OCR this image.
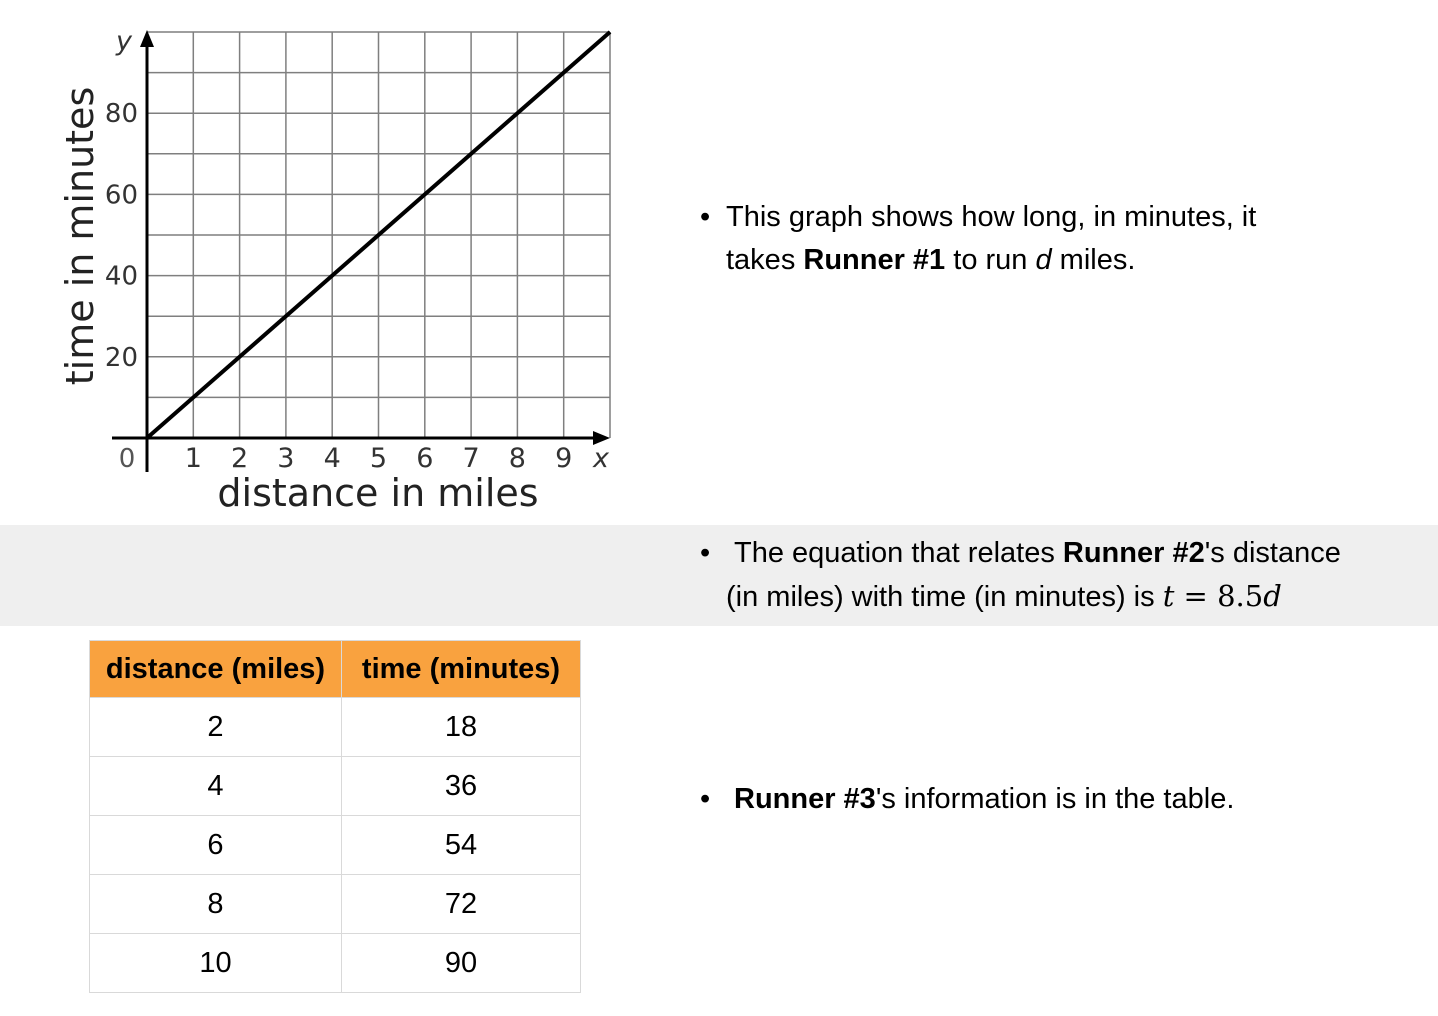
1 2 3 4 5 6 7 8 9
20
40
60
80
0	x
y
distance in miles
time in minutes	• This graph shows how long, in minutes, it
takes Runner #1 to run d miles.
• The equation that relates Runner #2's distance
(in miles) with time (in minutes) is t = 8.5d
• Runner #3's information is in the table.
distance (miles)	time (minutes)
2	18
4	36
6	54
8	72
10	90
